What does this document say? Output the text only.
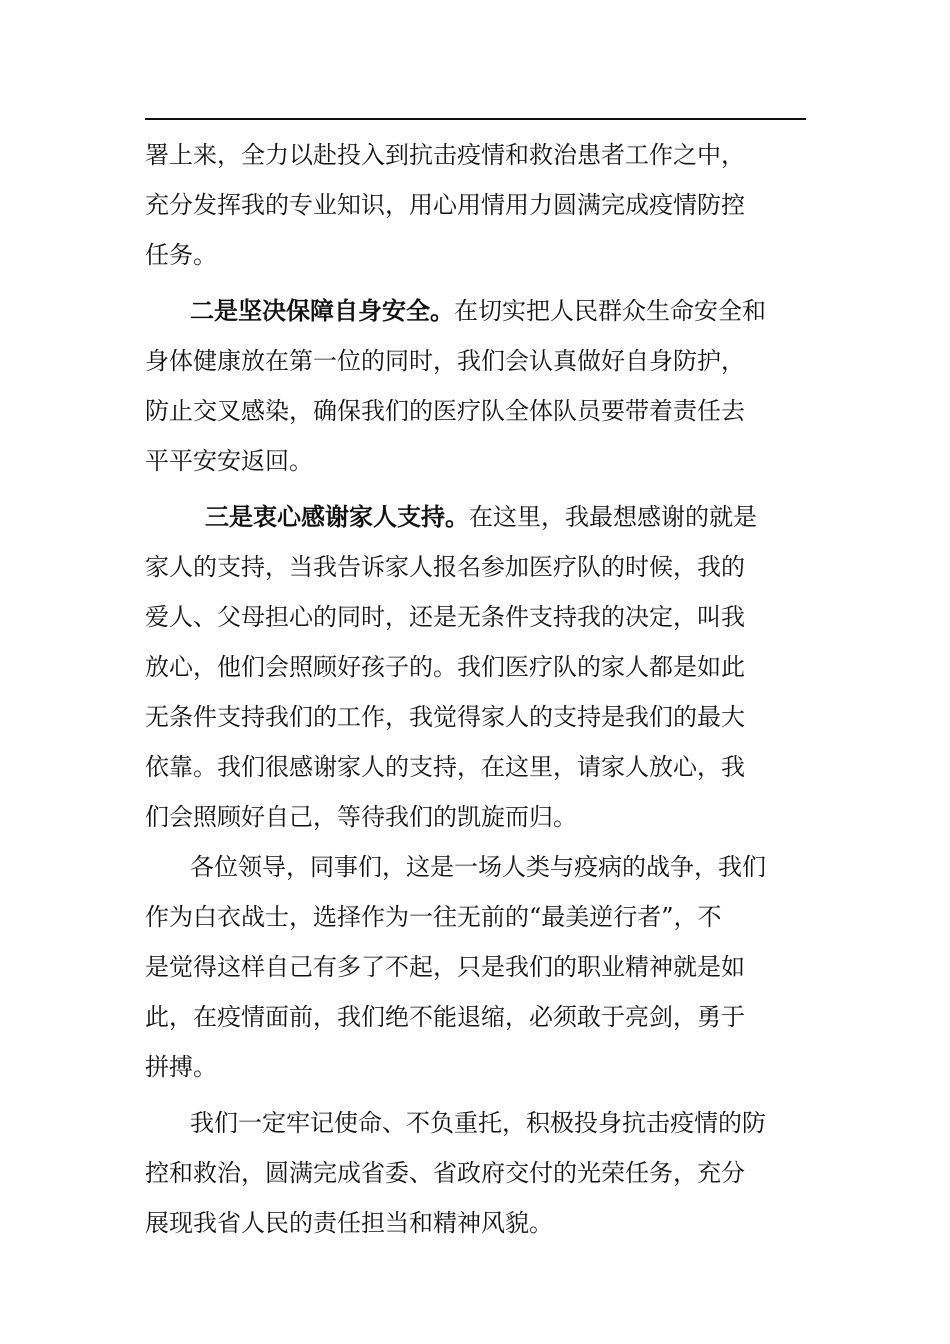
署上来，全力以赴投入到抗击疫情和救治患者工作之中，
充分发挥我的专业知识，用心用情用力圆满完成疫情防控
任务。
二是坚决保障自身安全。在切实把人民群众生命安全和
身体健康放在第一位的同时，我们会认真做好自身防护，
防止交叉感染，确保我们的医疗队全体队员要带着责任去
平平安安返回。
三是衷心感谢家人支持。在这里，我最想感谢的就是
家人的支持，当我告诉家人报名参加医疗队的时候，我的
爱人、父母担心的同时，还是无条件支持我的决定，叫我
放心，他们会照顾好孩子的。我们医疗队的家人都是如此
无条件支持我们的工作，我觉得家人的支持是我们的最大
依靠。我们很感谢家人的支持，在这里，请家人放心，我
们会照顾好自己，等待我们的凯旋而归。
各位领导，同事们，这是一场人类与疫病的战争，我们
作为白衣战士，选择作为一往无前的“最美逆行者”，不
是觉得这样自己有多了不起，只是我们的职业精神就是如
此，在疫情面前，我们绝不能退缩，必须敢于亮剑，勇于
拼搏。
我们一定牢记使命、不负重托，积极投身抗击疫情的防
控和救治，圆满完成省委、省政府交付的光荣任务，充分
展现我省人民的责任担当和精神风貌。
